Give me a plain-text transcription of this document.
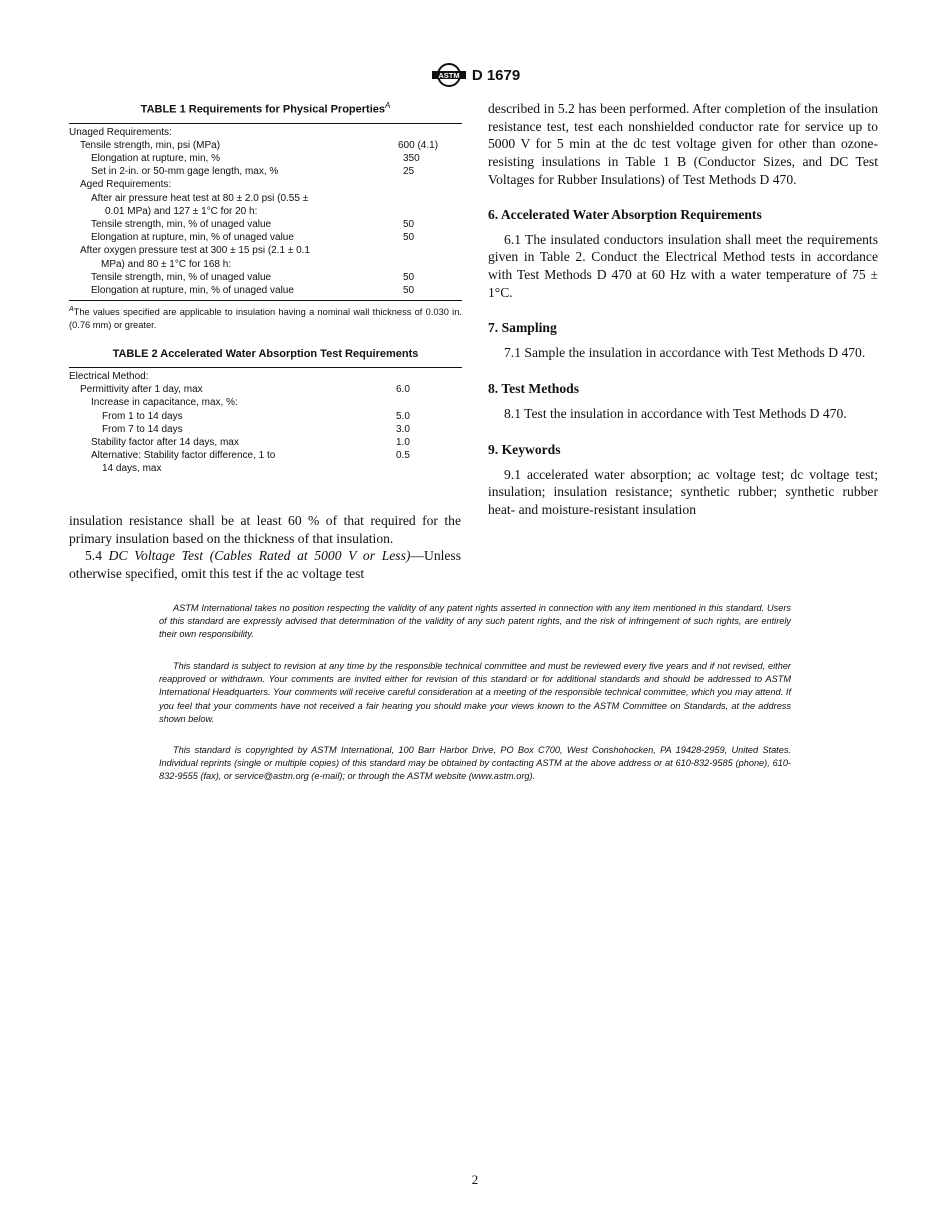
ASTM D 1679
TABLE 1 Requirements for Physical Properties$^A$
Unaged Requirements:
Tensile strength, min, psi (MPa)	600 (4.1)
Elongation at rupture, min, %	350
Set in 2-in. or 50-mm gage length, max, %	25
Aged Requirements:
After air pressure heat test at 80 ± 2.0 psi (0.55 ±
0.01 MPa) and 127 ± 1°C for 20 h:
Tensile strength, min, % of unaged value	50
Elongation at rupture, min, % of unaged value	50
After oxygen pressure test at 300 ± 15 psi (2.1 ± 0.1
MPa) and 80 ± 1°C for 168 h:
Tensile strength, min, % of unaged value	50
Elongation at rupture, min, % of unaged value	50
$^A$The values specified are applicable to insulation having a nominal wall thickness of 0.030 in. (0.76 mm) or greater.
TABLE 2 Accelerated Water Absorption Test Requirements
Electrical Method:
Permittivity after 1 day, max	6.0
Increase in capacitance, max, %:
From 1 to 14 days	5.0
From 7 to 14 days	3.0
Stability factor after 14 days, max	1.0
Alternative: Stability factor difference, 1 to	0.5
14 days, max

insulation resistance shall be at least 60 % of that required for the primary insulation based on the thickness of that insulation.

5.4 DC Voltage Test (Cables Rated at 5000 V or Less)—Unless otherwise specified, omit this test if the ac voltage test

described in 5.2 has been performed. After completion of the insulation resistance test, test each nonshielded conductor rate for service up to 5000 V for 5 min at the dc test voltage given for other than ozone-resisting insulations in Table 1 B (Conductor Sizes, and DC Test Voltages for Rubber Insulations) of Test Methods D 470.

6. Accelerated Water Absorption Requirements

6.1 The insulated conductors insulation shall meet the requirements given in Table 2. Conduct the Electrical Method tests in accordance with Test Methods D 470 at 60 Hz with a water temperature of 75 ± 1°C.

7. Sampling

7.1 Sample the insulation in accordance with Test Methods D 470.

8. Test Methods

8.1 Test the insulation in accordance with Test Methods D 470.

9. Keywords

9.1 accelerated water absorption; ac voltage test; dc voltage test; insulation; insulation resistance; synthetic rubber; synthetic rubber heat- and moisture-resistant insulation

ASTM International takes no position respecting the validity of any patent rights asserted in connection with any item mentioned in this standard. Users of this standard are expressly advised that determination of the validity of any such patent rights, and the risk of infringement of such rights, are entirely their own responsibility.

This standard is subject to revision at any time by the responsible technical committee and must be reviewed every five years and if not revised, either reapproved or withdrawn. Your comments are invited either for revision of this standard or for additional standards and should be addressed to ASTM International Headquarters. Your comments will receive careful consideration at a meeting of the responsible technical committee, which you may attend. If you feel that your comments have not received a fair hearing you should make your views known to the ASTM Committee on Standards, at the address shown below.

This standard is copyrighted by ASTM International, 100 Barr Harbor Drive, PO Box C700, West Conshohocken, PA 19428-2959, United States. Individual reprints (single or multiple copies) of this standard may be obtained by contacting ASTM at the above address or at 610-832-9585 (phone), 610-832-9555 (fax), or service@astm.org (e-mail); or through the ASTM website (www.astm.org).

2
